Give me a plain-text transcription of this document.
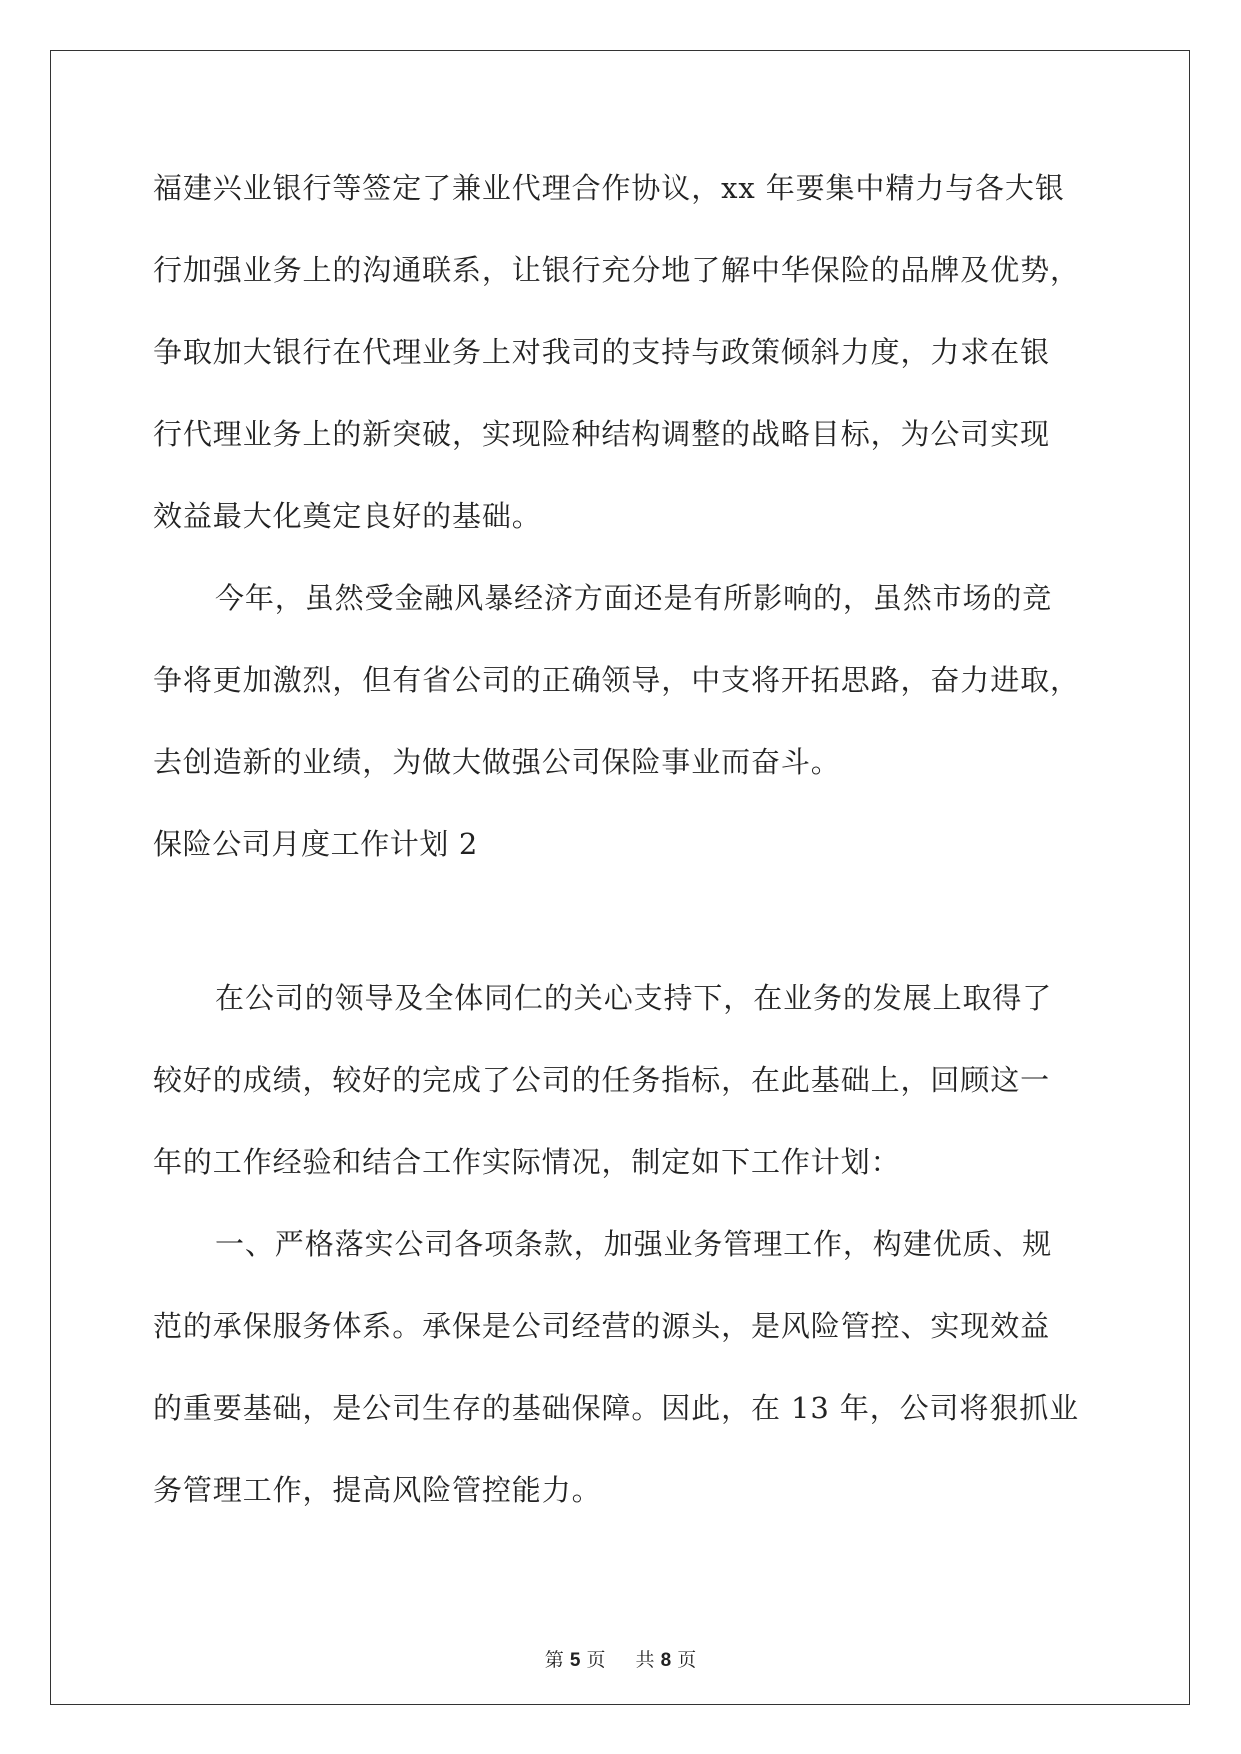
福建兴业银行等签定了兼业代理合作协议，xx 年要集中精力与各大银
行加强业务上的沟通联系，让银行充分地了解中华保险的品牌及优势，
争取加大银行在代理业务上对我司的支持与政策倾斜力度，力求在银
行代理业务上的新突破，实现险种结构调整的战略目标，为公司实现
效益最大化奠定良好的基础。
今年，虽然受金融风暴经济方面还是有所影响的，虽然市场的竞
争将更加激烈，但有省公司的正确领导，中支将开拓思路，奋力进取，
去创造新的业绩，为做大做强公司保险事业而奋斗。
保险公司月度工作计划 2
在公司的领导及全体同仁的关心支持下，在业务的发展上取得了
较好的成绩，较好的完成了公司的任务指标，在此基础上，回顾这一
年的工作经验和结合工作实际情况，制定如下工作计划：
一、严格落实公司各项条款，加强业务管理工作，构建优质、规
范的承保服务体系。承保是公司经营的源头，是风险管控、实现效益
的重要基础，是公司生存的基础保障。因此，在 13 年，公司将狠抓业
务管理工作，提高风险管控能力。
第 5 页 共 8 页
